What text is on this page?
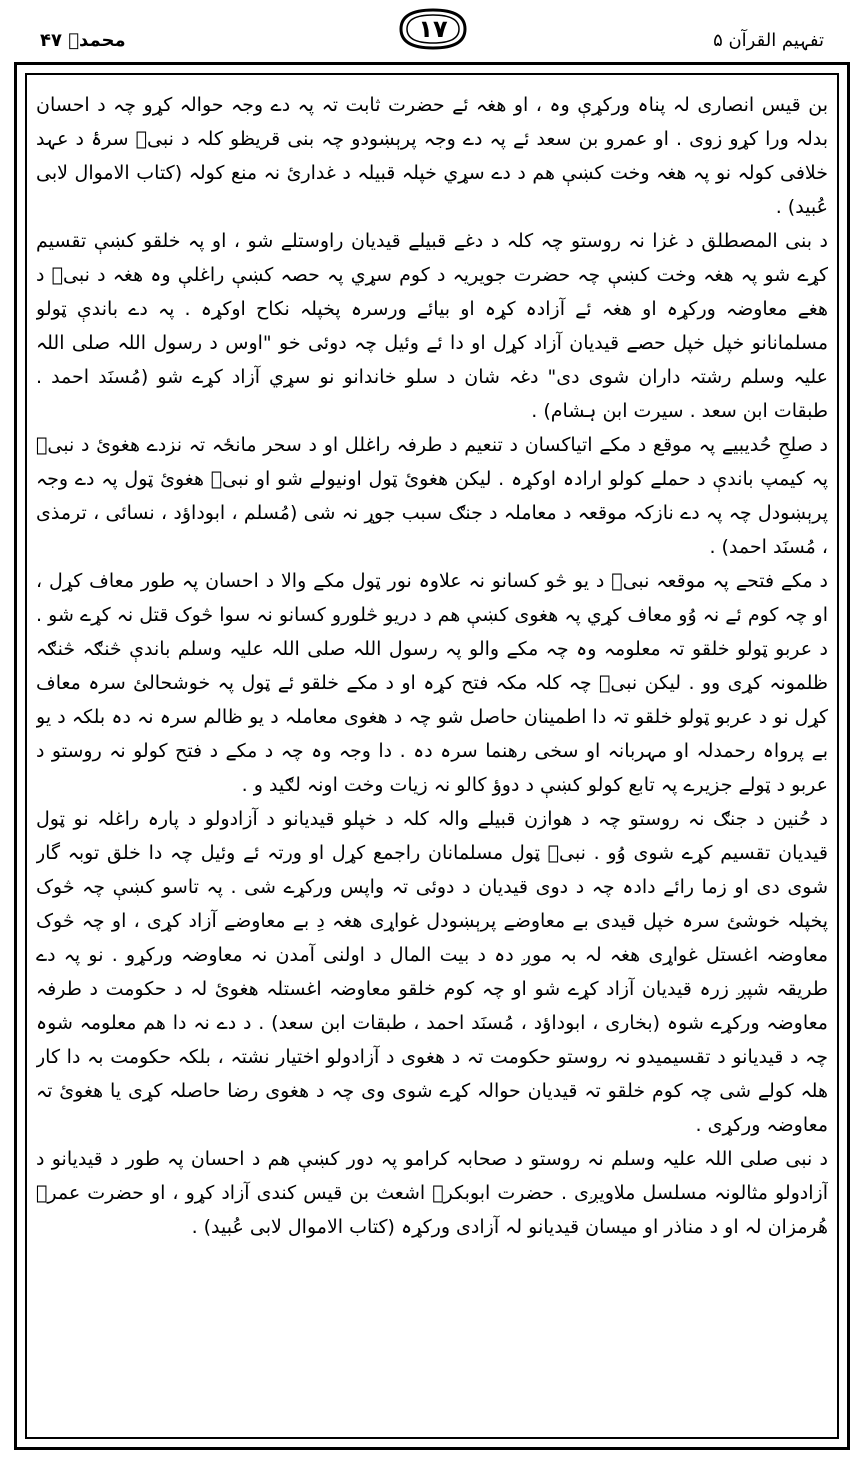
محمدؐ ۴۷	۱۷	تفہیم القرآن ۵

بن قیس انصاری لہ پناہ ورکړې وہ ، او ھغہ ئے حضرت ثابت تہ پہ دے وجہ حوالہ کړو چہ د احسان بدلہ ورا کړو زوی . او عمرو بن سعد ئے پہ دے وجہ پرېښودو چہ بنی قریظو کلہ د نبیؐ سرۂ د عہد خلافی کولہ نو پہ ھغہ وخت کښې ھم د دے سړي خپلہ قبیلہ د غدارئ نہ منع کولہ (کتاب الاموال لابی عُبید) .

د بنی المصطلق د غزا نہ روستو چہ کلہ د دغے قبیلے قیدیان راوستلے شو ، او پہ خلقو کښې تقسیم کړے شو پہ ھغہ وخت کښې چہ حضرت جویریہ د کوم سړي پہ حصہ کښې راغلې وہ ھغہ د نبیؐ د ھغے معاوضہ ورکړہ او ھغہ ئے آزادہ کړہ او بیائے ورسرہ پخپلہ نکاح اوکړہ . پہ دے باندې ټولو مسلمانانو خپل خپل حصے قیدیان آزاد کړل او دا ئے وئیل چہ دوئی خو "اوس د رسول اللہ صلی اللہ علیہ وسلم رشتہ داران شوی دی" دغہ شان د سلو خاندانو نو سړي آزاد کړے شو (مُسنَد احمد . طبقات ابن سعد . سیرت ابن ہشام) .

د صلحِ حُدیبیے پہ موقع د مکے اتیاکسان د تنعیم د طرفہ راغلل او د سحر مانځہ تہ نزدے ھغوئ د نبیؐ پہ کیمپ باندې د حملے کولو ارادہ اوکړہ . لیکن ھغوئ ټول اونیولے شو او نبیؐ ھغوئ ټول پہ دے وجہ پرېښودل چہ پہ دے نازکہ موقعہ د معاملہ د جنګ سبب جوړ نہ شی (مُسلم ، ابوداؤد ، نسائی ، ترمذی ، مُسنَد احمد) .

د مکے فتحے پہ موقعہ نبیؐ د یو څو کسانو نہ علاوہ نور ټول مکے والا د احسان پہ طور معاف کړل ، او چہ کوم ئے نہ وُو معاف کړي پہ ھغوی کښې ھم د دریو څلورو کسانو نہ سوا څوک قتل نہ کړے شو . د عربو ټولو خلقو تہ معلومہ وہ چہ مکے والو پہ رسول اللہ صلی اللہ علیہ وسلم باندې څنګہ څنګہ ظلمونہ کړی وو . لیکن نبیؐ چہ کلہ مکہ فتح کړہ او د مکے خلقو ئے ټول پہ خوشحالئ سرہ معاف کړل نو د عربو ټولو خلقو تہ دا اطمینان حاصل شو چہ د ھغوی معاملہ د یو ظالم سرہ نہ دہ بلکہ د یو بے پرواہ رحمدلہ او مہربانہ او سخی رھنما سرہ دہ . دا وجہ وہ چہ د مکے د فتح کولو نہ روستو د عربو د ټولے جزیرے پہ تابع کولو کښې د دوؤ کالو نہ زیات وخت اونہ لګید و .

د حُنین د جنګ نہ روستو چہ د ھوازن قبیلے والہ کلہ د خپلو قیدیانو د آزادولو د پارہ راغلہ نو ټول قیدیان تقسیم کړے شوی وُو . نبیؐ ټول مسلمانان راجمع کړل او ورتہ ئے وئیل چہ دا خلق توبہ گار شوی دی او زما رائے دادہ چہ د دوی قیدیان د دوئی تہ واپس ورکړے شی . پہ تاسو کښې چہ څوک پخپلہ خوشئ سرہ خپل قیدی بے معاوضے پرېښودل غواړی ھغہ دِ بے معاوضے آزاد کړی ، او چہ څوک معاوضہ اغستل غواړی ھغہ لہ بہ موږ دہ د بیت المال د اولنی آمدن نہ معاوضہ ورکړو . نو پہ دے طریقہ شپږ زرہ قیدیان آزاد کړے شو او چہ کوم خلقو معاوضہ اغستلہ ھغوئ لہ د حکومت د طرفہ معاوضہ ورکړے شوہ (بخاری ، ابوداؤد ، مُسنَد احمد ، طبقات ابن سعد) . د دے نہ دا ھم معلومہ شوہ چہ د قیدیانو د تقسیمیدو نہ روستو حکومت تہ د ھغوی د آزادولو اختیار نشتہ ، بلکہ حکومت بہ دا کار ھلہ کولے شی چہ کوم خلقو تہ قیدیان حوالہ کړے شوی وی چہ د ھغوی رضا حاصلہ کړی یا ھغوئ تہ معاوضہ ورکړی .

د نبی صلی اللہ علیہ وسلم نہ روستو د صحابہ کرامو پہ دور کښې ھم د احسان پہ طور د قیدیانو د آزادولو مثالونہ مسلسل ملاویږی . حضرت ابوبکرؓ اشعث بن قیس کندی آزاد کړو ، او حضرت عمرؓ ھُرمزان لہ او د مناذر او میسان قیدیانو لہ آزادی ورکړہ (کتاب الاموال لابی عُبید) .
